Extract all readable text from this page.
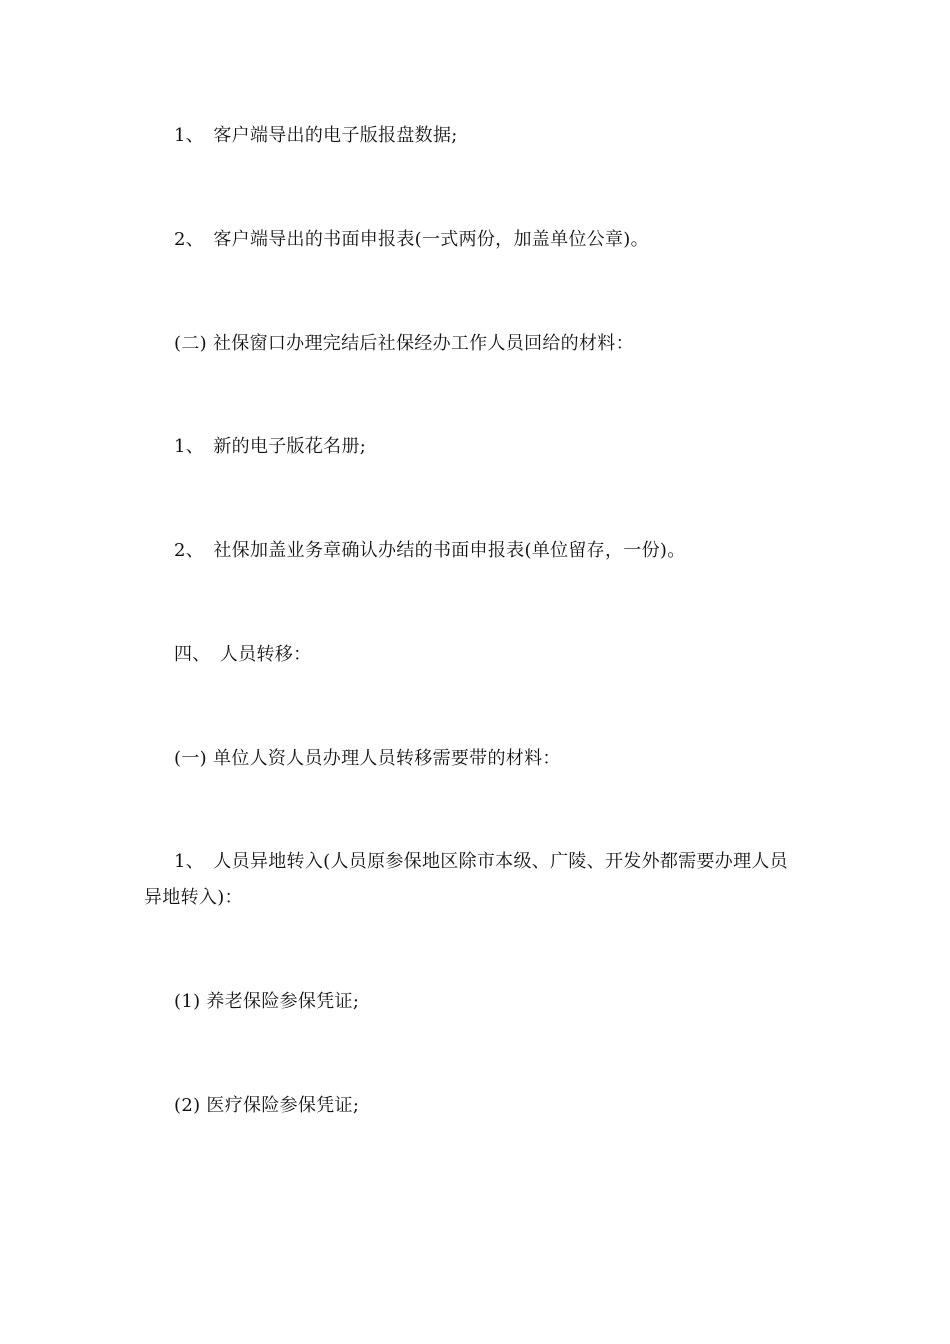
1、　客户端导出的电子版报盘数据;

2、　客户端导出的书面申报表(一式两份，加盖单位公章)。

(二) 社保窗口办理完结后社保经办工作人员回给的材料：

1、　新的电子版花名册;

2、　社保加盖业务章确认办结的书面申报表(单位留存，一份)。

四、　人员转移：

(一) 单位人资人员办理人员转移需要带的材料：

1、　人员异地转入(人员原参保地区除市本级、广陵、开发外都需要办理人员异地转入)：

(1) 养老保险参保凭证;

(2) 医疗保险参保凭证;
